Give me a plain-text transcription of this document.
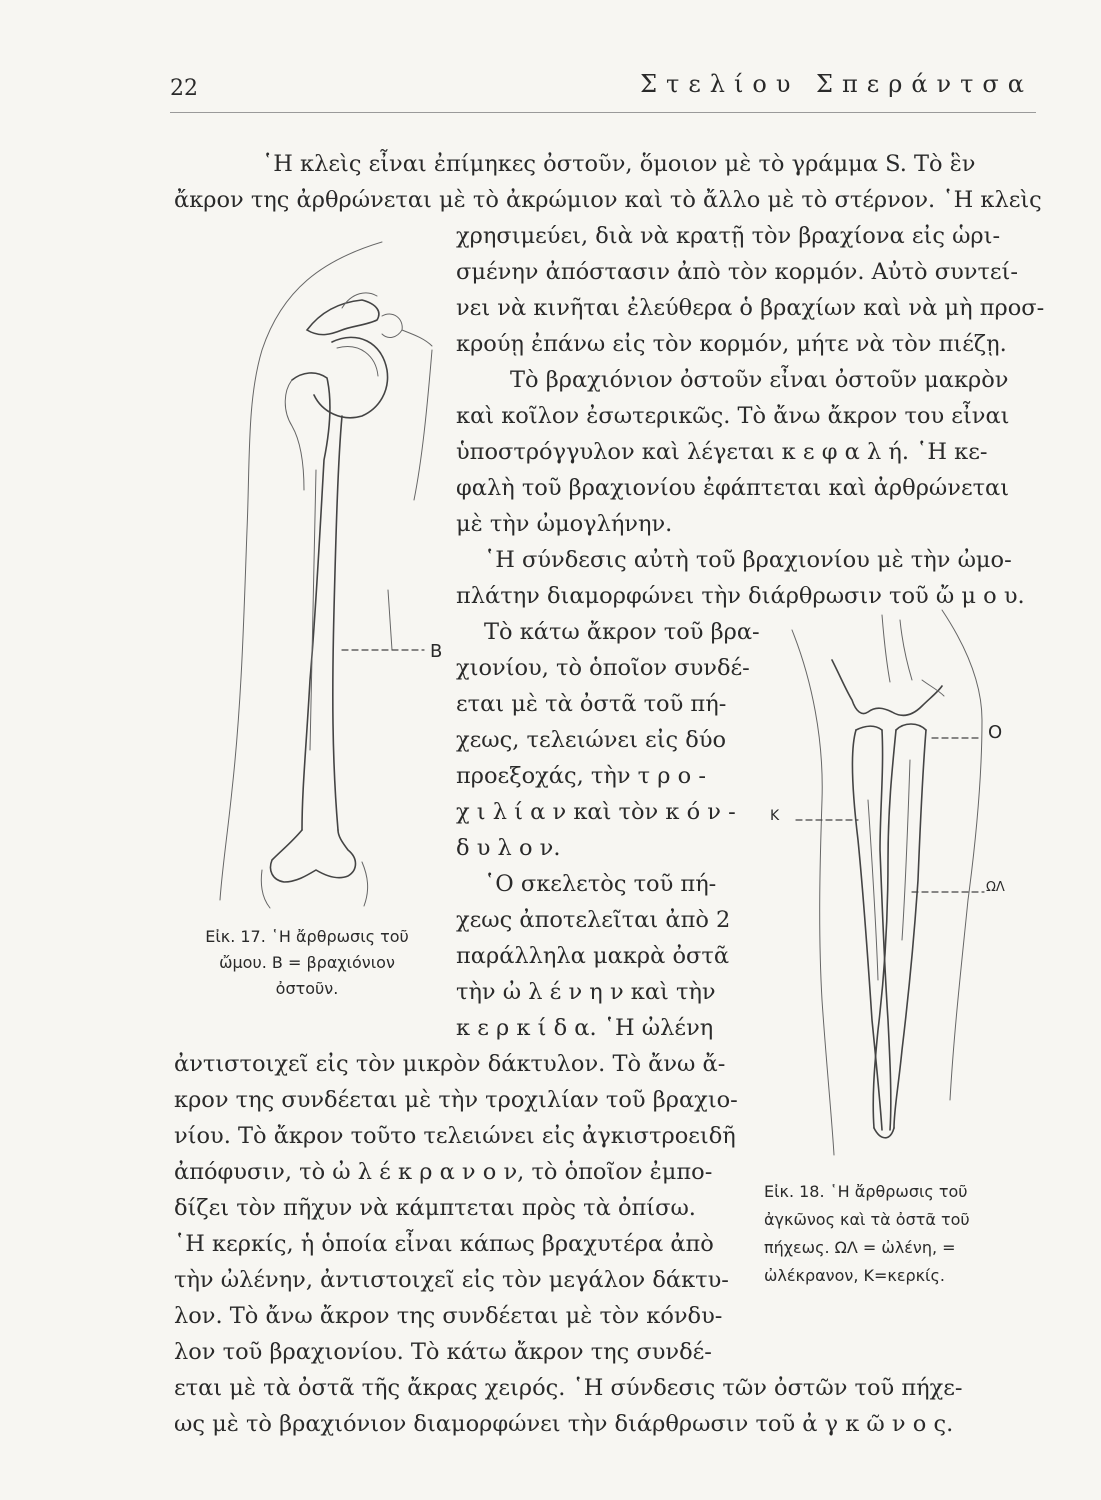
22	Στελίου Σπεράντσα
῾Η κλεὶς εἶναι ἐπίμηκες ὀστοῦν, ὅμοιον μὲ τὸ γράμμα S. Τὸ ἓν
ἄκρον της ἀρθρώνεται μὲ τὸ ἀκρώμιον καὶ τὸ ἄλλο μὲ τὸ στέρνον. ῾Η κλεὶς
χρησιμεύει, διὰ νὰ κρατῇ τὸν βραχίονα εἰς ὡρι-
σμένην ἀπόστασιν ἀπὸ τὸν κορμόν. Αὐτὸ συντεί-
νει νὰ κινῆται ἐλεύθερα ὁ βραχίων καὶ νὰ μὴ προσ-
κρούῃ ἐπάνω εἰς τὸν κορμόν, μήτε νὰ τὸν πιέζῃ.
Τὸ βραχιόνιον ὀστοῦν εἶναι ὀστοῦν μακρὸν
καὶ κοῖλον ἐσωτερικῶς. Τὸ ἄνω ἄκρον του εἶναι
ὑποστρόγγυλον καὶ λέγεται κ ε φ α λ ή. ῾Η κε-
φαλὴ τοῦ βραχιονίου ἐφάπτεται καὶ ἀρθρώνεται
μὲ τὴν ὠμογλήνην.
῾Η σύνδεσις αὐτὴ τοῦ βραχιονίου μὲ τὴν ὠμο-
πλάτην διαμορφώνει τὴν διάρθρωσιν τοῦ ὤ μ ο υ.
Τὸ κάτω ἄκρον τοῦ βρα-
χιονίου, τὸ ὁποῖον συνδέ-
εται μὲ τὰ ὀστᾶ τοῦ πή-
χεως, τελειώνει εἰς δύο
προεξοχάς, τὴν τ ρ ο -
χ ι λ ί α ν καὶ τὸν κ ό ν -
δ υ λ ο ν.
῾Ο σκελετὸς τοῦ πή-
χεως ἀποτελεῖται ἀπὸ 2
παράλληλα μακρὰ ὀστᾶ
τὴν ὠ λ έ ν η ν καὶ τὴν
κ ε ρ κ ί δ α. ῾Η ὠλένη
ἀντιστοιχεῖ εἰς τὸν μικρὸν δάκτυλον. Τὸ ἄνω ἄ-
κρον της συνδέεται μὲ τὴν τροχιλίαν τοῦ βραχιο-
νίου. Τὸ ἄκρον τοῦτο τελειώνει εἰς ἀγκιστροειδῆ
ἀπόφυσιν, τὸ ὠ λ έ κ ρ α ν ο ν, τὸ ὁποῖον ἐμπο-
δίζει τὸν πῆχυν νὰ κάμπτεται πρὸς τὰ ὀπίσω.
῾Η κερκίς, ἡ ὁποία εἶναι κάπως βραχυτέρα ἀπὸ
τὴν ὠλένην, ἀντιστοιχεῖ εἰς τὸν μεγάλον δάκτυ-
λον. Τὸ ἄνω ἄκρον της συνδέεται μὲ τὸν κόνδυ-
λον τοῦ βραχιονίου. Τὸ κάτω ἄκρον της συνδέ-
εται μὲ τὰ ὀστᾶ τῆς ἄκρας χειρός. ῾Η σύνδεσις τῶν ὀστῶν τοῦ πήχε-
ως μὲ τὸ βραχιόνιον διαμορφώνει τὴν διάρθρωσιν τοῦ ἀ γ κ ῶ ν ο ς.
B
Εἰκ. 17. ῾Η ἄρθρωσις τοῦ
ὤμου. Β = βραχιόνιον
ὀστοῦν.
O
K
ΩΛ
Εἰκ. 18. ῾Η ἄρθρωσις τοῦ
ἀγκῶνος καὶ τὰ ὀστᾶ τοῦ
πήχεως. ΩΛ = ὠλένη, =
ὠλέκρανον, Κ=κερκίς.
